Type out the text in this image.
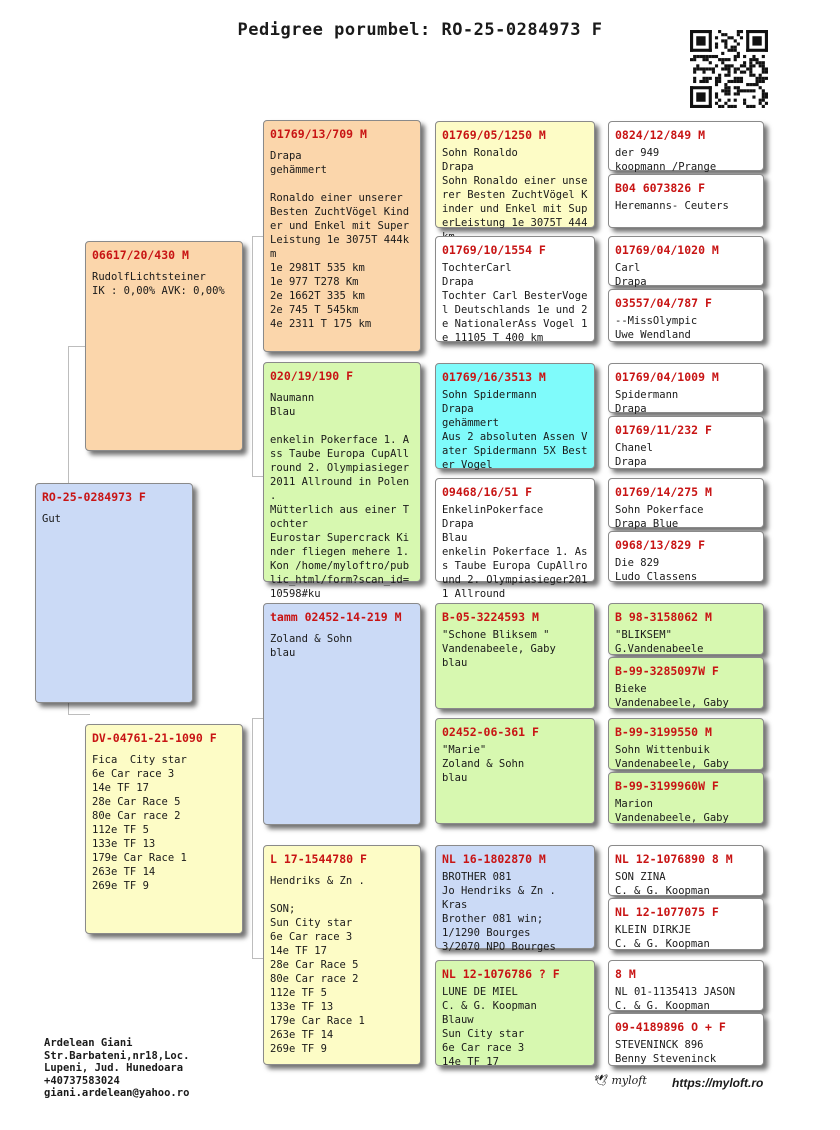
Pedigree porumbel: RO-25-0284973 F
RO-25-0284973 F
Gut
06617/20/430 M
RudolfLichtsteiner
IK : 0,00% AVK: 0,00%
DV-04761-21-1090 F
Fica  City star
6e Car race 3
14e TF 17
28e Car Race 5
80e Car race 2
112e TF 5
133e TF 13
179e Car Race 1
263e TF 14
269e TF 9
01769/13/709 M
Drapa
gehämmert
Ronaldo einer unserer Besten ZuchtVögel Kinder und Enkel mit SuperLeistung 1e 3075T 444km
1e 2981T 535 km
1e 977 T278 Km
2e 1662T 335 km
2e 745 T 545km
4e 2311 T 175 km
020/19/190 F
Naumann
Blau
enkelin Pokerface 1. Ass Taube Europa CupAllround 2. Olympiasieger2011 Allround in Polen .
Mütterlich aus einer Tochter
Eurostar Supercrack Kinder fliegen mehere 1. Kon /home/myloftro/public_html/form?scan_id=10598#ku
tamm 02452-14-219 M
Zoland & Sohn
blau
L 17-1544780 F
Hendriks & Zn .
SON;
Sun City star
6e Car race 3
14e TF 17
28e Car Race 5
80e Car race 2
112e TF 5
133e TF 13
179e Car Race 1
263e TF 14
269e TF 9
01769/05/1250 M
Sohn Ronaldo
Drapa
Sohn Ronaldo einer unserer Besten ZuchtVögel Kinder und Enkel mit SuperLeistung 1e 3075T 444
01769/10/1554 F
TochterCarl
Drapa
Tochter Carl BesterVogel Deutschlands 1e und 2e NationalerAss Vogel 1e 11105 T 400 km
01769/16/3513 M
Sohn Spidermann
Drapa
gehämmert
Aus 2 absoluten Assen Vater Spidermann 5X Bester Vogel
09468/16/51 F
EnkelinPokerface
Drapa
Blau
enkelin Pokerface 1. Ass Taube Europa CupAllround 2. Olympiasieger2011 Allround
B-05-3224593 M
"Schone Bliksem "
Vandenabeele, Gaby
blau
02452-06-361 F
"Marie"
Zoland & Sohn
blau
NL 16-1802870 M
BROTHER 081
Jo Hendriks & Zn .
Kras
Brother 081 win;
1/1290 Bourges
3/2070 NPO Bourges
NL 12-1076786 ? F
LUNE DE MIEL
C. & G. Koopman
Blauw
Sun City star
6e Car race 3
14e TF 17
0824/12/849 M
der 949
koopmann /Prange
B04 6073826 F
Heremanns- Ceuters
01769/04/1020 M
Carl
Drapa
03557/04/787 F
--MissOlympic
Uwe Wendland
01769/04/1009 M
Spidermann
Drapa
01769/11/232 F
Chanel
Drapa
01769/14/275 M
Sohn Pokerface
Drapa Blue
0968/13/829 F
Die 829
Ludo Classens
B 98-3158062 M
"BLIKSEM"
G.Vandenabeele
B-99-3285097W F
Bieke
Vandenabeele, Gaby
B-99-3199550 M
Sohn Wittenbuik
Vandenabeele, Gaby
B-99-3199960W F
Marion
Vandenabeele, Gaby
NL 12-1076890 8 M
SON ZINA
C. & G. Koopman
NL 12-1077075 F
KLEIN DIRKJE
C. & G. Koopman
8 M
NL 01-1135413 JASON
C. & G. Koopman
09-4189896 O + F
STEVENINCK 896
Benny Steveninck
Ardelean Giani
Str.Barbateni,nr18,Loc.
Lupeni, Jud. Hunedoara
+40737583024
giani.ardelean@yahoo.ro
🕊 myloft https://myloft.ro
